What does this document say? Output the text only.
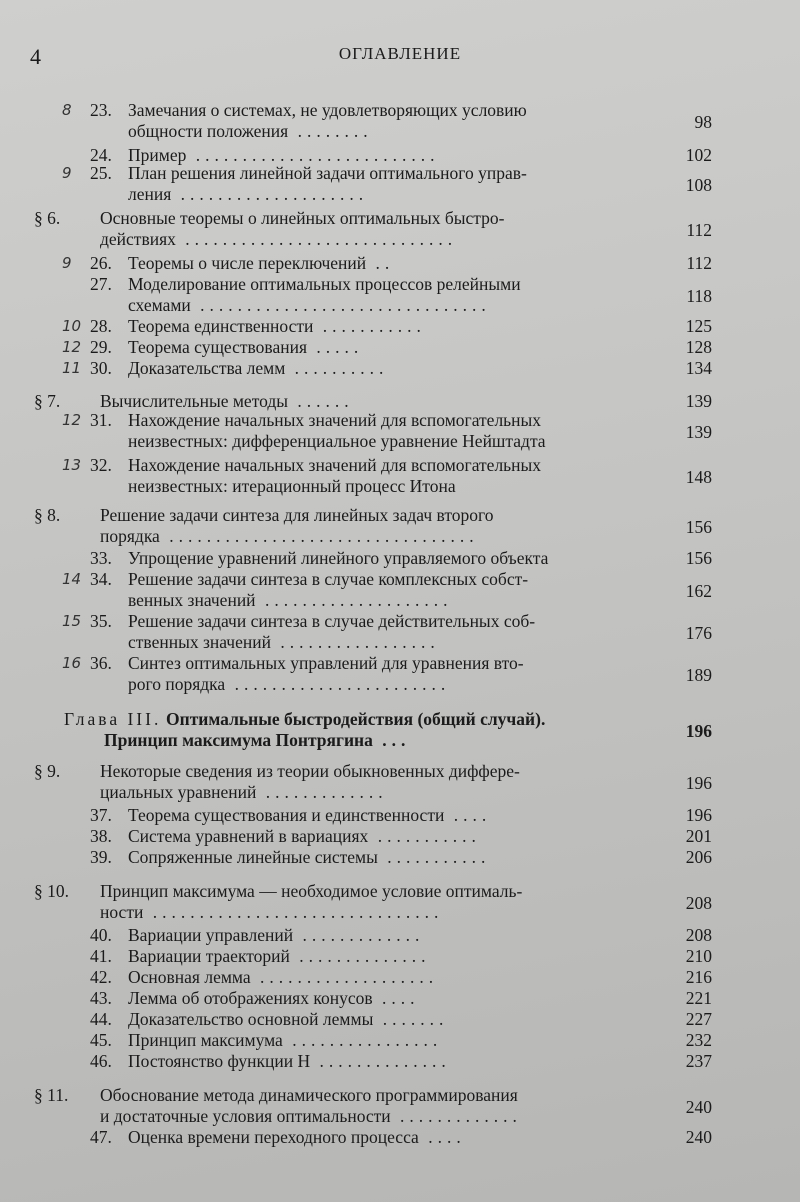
4	ОГЛАВЛЕНИЕ
8 23. Замечания о системах, не удовлетворяющих условию
общности положения ........	98
24. Пример ..........................	102
9 25. План решения линейной задачи оптимального управ-
ления ....................	108
§ 6. Основные теоремы о линейных оптимальных быстро-
действиях .............................	112
9 26. Теоремы о числе переключений ..	112
27. Моделирование оптимальных процессов релейными
схемами ...............................	118
10 28. Теорема единственности ...........	125
12 29. Теорема существования .....	128
11 30. Доказательства лемм ..........	134
§ 7. Вычислительные методы ......	139
12 31. Нахождение начальных значений для вспомогательных
неизвестных: дифференциальное уравнение Нейштадта	139
13 32. Нахождение начальных значений для вспомогательных
неизвестных: итерационный процесс Итона	148
§ 8. Решение задачи синтеза для линейных задач второго
порядка .................................	156
33. Упрощение уравнений линейного управляемого объекта	156
14 34. Решение задачи синтеза в случае комплексных собст-
венных значений ....................	162
15 35. Решение задачи синтеза в случае действительных соб-
ственных значений .................	176
16 36. Синтез оптимальных управлений для уравнения вто-
рого порядка .......................	189
Глава III. Оптимальные быстродействия (общий случай).
Принцип максимума Понтрягина ...	196
§ 9. Некоторые сведения из теории обыкновенных диффере-
циальных уравнений .............	196
37. Теорема существования и единственности ....	196
38. Система уравнений в вариациях ...........	201
39. Сопряженные линейные системы ...........	206
§ 10. Принцип максимума — необходимое условие оптималь-
ности ...............................	208
40. Вариации управлений .............	208
41. Вариации траекторий ..............	210
42. Основная лемма ...................	216
43. Лемма об отображениях конусов ....	221
44. Доказательство основной леммы .......	227
45. Принцип максимума ................	232
46. Постоянство функции H ..............	237
§ 11. Обоснование метода динамического программирования
и достаточные условия оптимальности .............	240
47. Оценка времени переходного процесса ....	240
